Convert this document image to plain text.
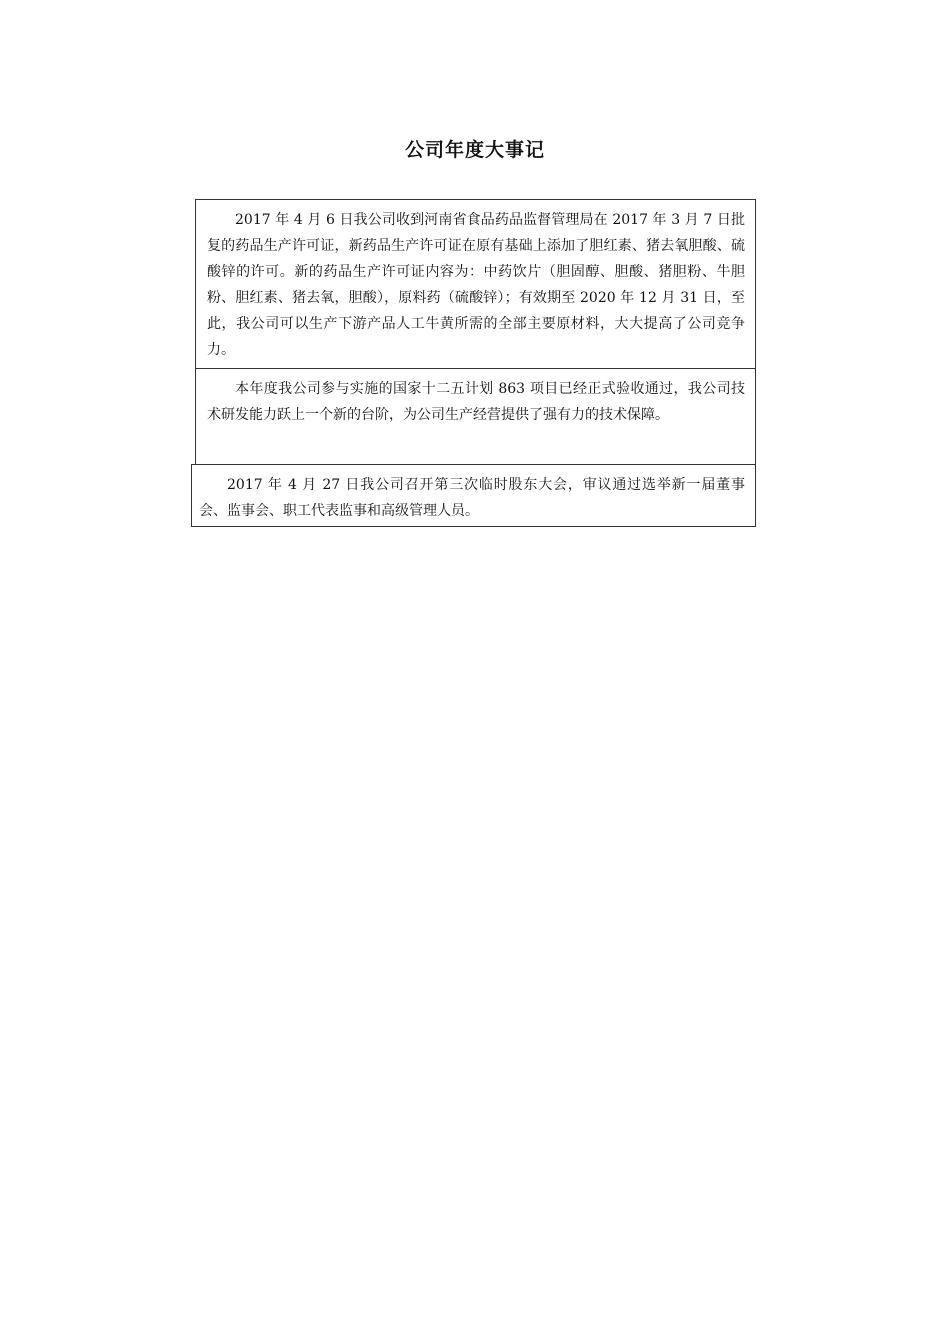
公司年度大事记

2017 年 4 月 6 日我公司收到河南省食品药品监督管理局在 2017 年 3 月 7 日批复的药品生产许可证，新药品生产许可证在原有基础上添加了胆红素、猪去氧胆酸、硫酸锌的许可。新的药品生产许可证内容为：中药饮片（胆固醇、胆酸、猪胆粉、牛胆粉、胆红素、猪去氧，胆酸），原料药（硫酸锌）；有效期至 2020 年 12 月 31 日，至此，我公司可以生产下游产品人工牛黄所需的全部主要原材料，大大提高了公司竞争力。

本年度我公司参与实施的国家十二五计划 863 项目已经正式验收通过，我公司技术研发能力跃上一个新的台阶，为公司生产经营提供了强有力的技术保障。

2017 年 4 月 27 日我公司召开第三次临时股东大会，审议通过选举新一届董事会、监事会、职工代表监事和高级管理人员。
